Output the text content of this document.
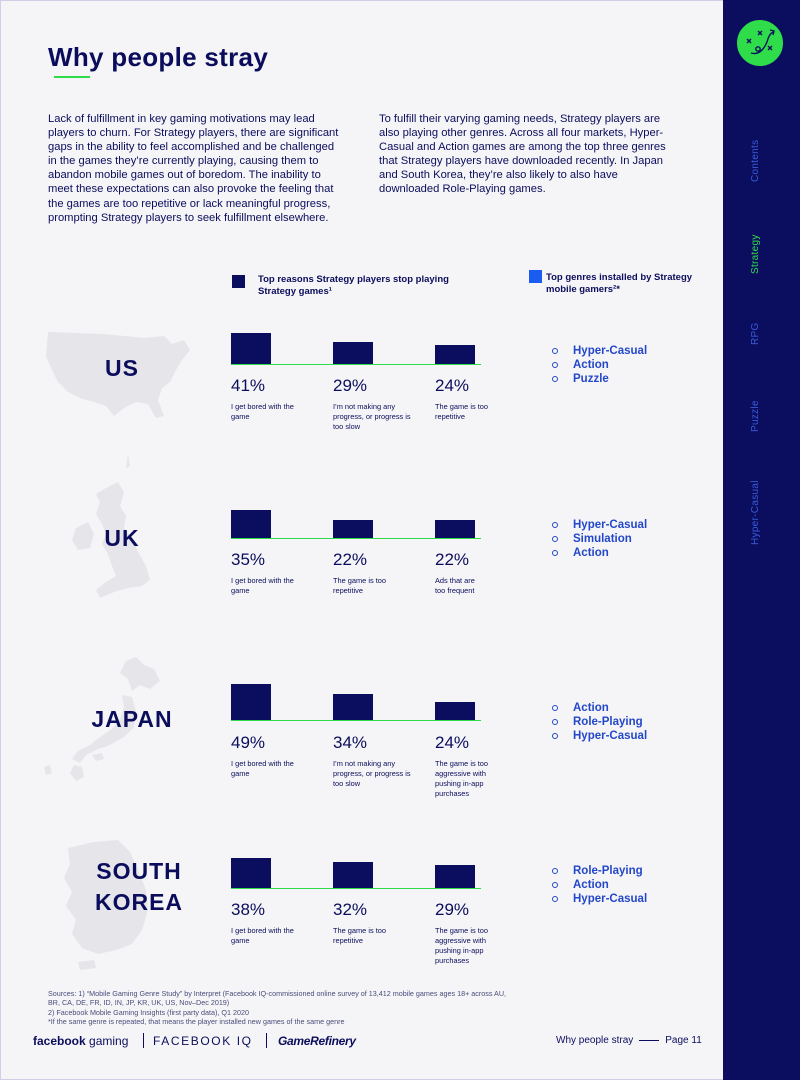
Contents
Strategy
RPG
Puzzle
Hyper-Casual
Why people stray
Lack of fulfillment in key gaming motivations may lead players to churn. For Strategy players, there are significant gaps in the ability to feel accomplished and be challenged in the games they’re currently playing, causing them to abandon mobile games out of boredom. The inability to meet these expectations can also provoke the feeling that the games are too repetitive or lack meaningful progress, prompting Strategy players to seek fulfillment elsewhere.
To fulfill their varying gaming needs, Strategy players are also playing other genres. Across all four markets, Hyper-Casual and Action games are among the top three genres that Strategy players have downloaded recently. In Japan and South Korea, they’re also likely to also have downloaded Role-Playing games.
Top reasons Strategy players stop playing Strategy games¹
Top genres installed by Strategy mobile gamers²*
US
41%	29%	24%
I get bored with the game
I’m not making any progress, or progress is too slow
The game is too repetitive
Hyper-Casual
Action
Puzzle
UK
35%	22%	22%
I get bored with the game
The game is too repetitive
Ads that are too frequent
Hyper-Casual
Simulation
Action
JAPAN
49%	34%	24%
I get bored with the game
I’m not making any progress, or progress is too slow
The game is too aggressive with pushing in-app purchases
Action
Role-Playing
Hyper-Casual
SOUTH
KOREA	38%	32%	29%
I get bored with the game
The game is too repetitive
The game is too aggressive with pushing in-app purchases
Role-Playing
Action
Hyper-Casual
Sources: 1) “Mobile Gaming Genre Study” by Interpret (Facebook IQ-commissioned online survey of 13,412 mobile games ages 18+ across AU, BR, CA, DE, FR, ID, IN, JP, KR, UK, US, Nov–Dec 2019)
2) Facebook Mobile Gaming Insights (first party data), Q1 2020
*If the same genre is repeated, that means the player installed new games of the same genre
facebook gaming FACEBOOK IQ GameRefinery	Why people stray	Page 11
